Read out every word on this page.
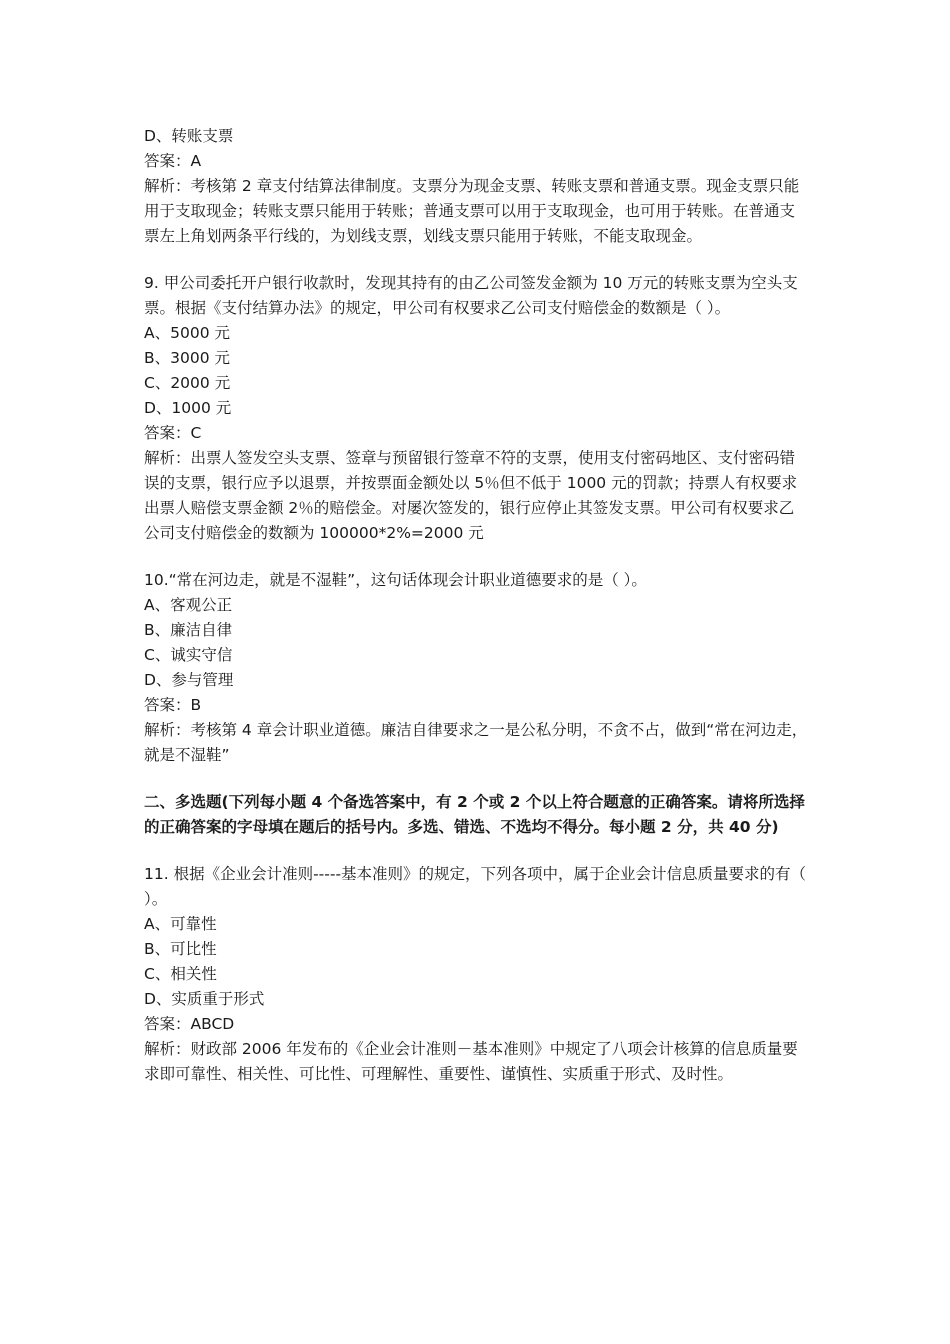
D、转账支票

答案：A

解析：考核第 2 章支付结算法律制度。支票分为现金支票、转账支票和普通支票。现金支票只能用于支取现金；转账支票只能用于转账；普通支票可以用于支取现金，也可用于转账。在普通支票左上角划两条平行线的，为划线支票，划线支票只能用于转账，不能支取现金。

9. 甲公司委托开户银行收款时，发现其持有的由乙公司签发金额为 10 万元的转账支票为空头支票。根据《支付结算办法》的规定，甲公司有权要求乙公司支付赔偿金的数额是（ ）。

A、5000 元

B、3000 元

C、2000 元

D、1000 元

答案：C

解析：出票人签发空头支票、签章与预留银行签章不符的支票，使用支付密码地区、支付密码错误的支票，银行应予以退票，并按票面金额处以 5％但不低于 1000 元的罚款；持票人有权要求出票人赔偿支票金额 2％的赔偿金。对屡次签发的，银行应停止其签发支票。甲公司有权要求乙公司支付赔偿金的数额为 100000*2%=2000 元

10.“常在河边走，就是不湿鞋”，这句话体现会计职业道德要求的是（ ）。

A、客观公正

B、廉洁自律

C、诚实守信

D、参与管理

答案：B

解析：考核第 4 章会计职业道德。廉洁自律要求之一是公私分明，不贪不占，做到“常在河边走，就是不湿鞋”

二、多选题(下列每小题 4 个备选答案中，有 2 个或 2 个以上符合题意的正确答案。请将所选择的正确答案的字母填在题后的括号内。多选、错选、不选均不得分。每小题 2 分，共 40 分)

11. 根据《企业会计准则-----基本准则》的规定，下列各项中，属于企业会计信息质量要求的有（ ）。

A、可靠性

B、可比性

C、相关性

D、实质重于形式

答案：ABCD

解析：财政部 2006 年发布的《企业会计准则－基本准则》中规定了八项会计核算的信息质量要求即可靠性、相关性、可比性、可理解性、重要性、谨慎性、实质重于形式、及时性。
